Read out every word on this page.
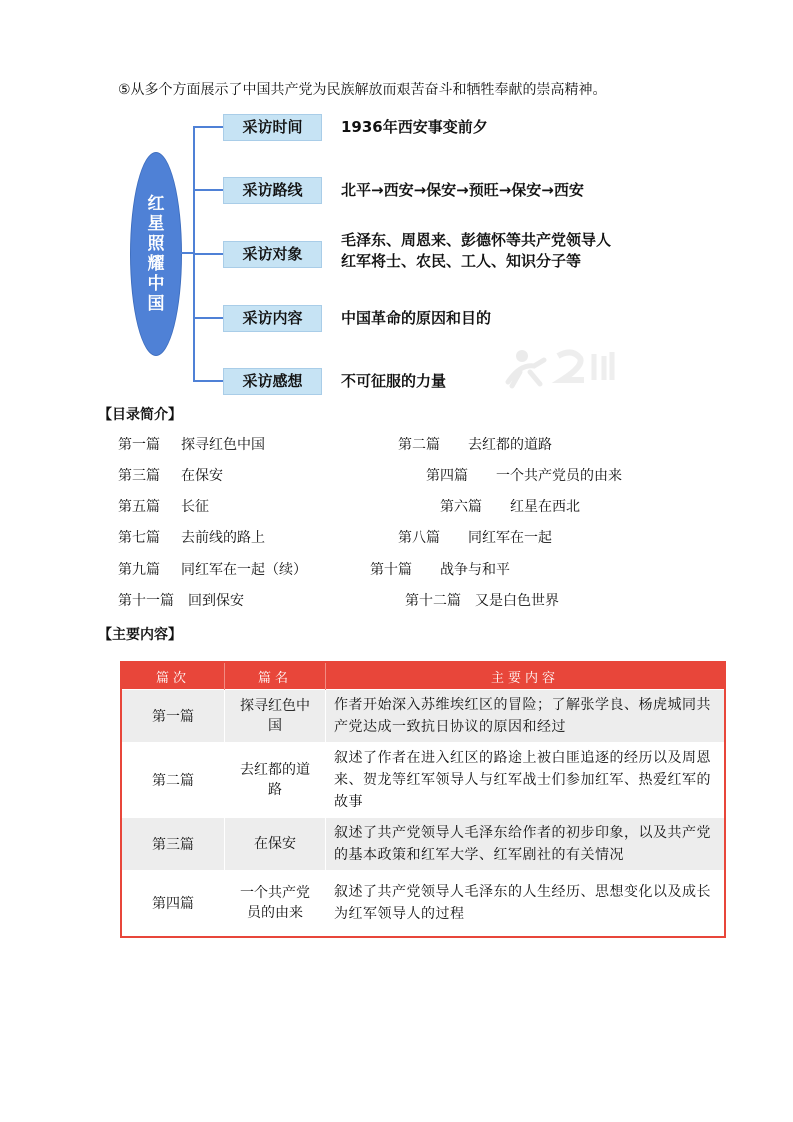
⑤从多个方面展示了中国共产党为民族解放而艰苦奋斗和牺牲奉献的崇高精神。
红星照耀中国
采访时间	1936年西安事变前夕
采访路线	北平→西安→保安→预旺→保安→西安
采访对象
毛泽东、周恩来、彭德怀等共产党领导人
红军将士、农民、工人、知识分子等
采访内容	中国革命的原因和目的
采访感想	不可征服的力量
【目录简介】
第一篇 探寻红色中国	第二篇 去红都的道路
第三篇 在保安	第四篇 一个共产党员的由来
第五篇 长征	第六篇 红星在西北
第七篇 去前线的路上	第八篇 同红军在一起
第九篇 同红军在一起（续）	第十篇 战争与和平
第十一篇 回到保安	第十二篇 又是白色世界
【主要内容】
篇次	篇名	主要内容
第一篇	探寻红色中国	作者开始深入苏维埃红区的冒险；了解张学良、杨虎城同共产党达成一致抗日协议的原因和经过
第二篇	去红都的道路	叙述了作者在进入红区的路途上被白匪追逐的经历以及周恩来、贺龙等红军领导人与红军战士们参加红军、热爱红军的故事
第三篇	在保安	叙述了共产党领导人毛泽东给作者的初步印象，以及共产党的基本政策和红军大学、红军剧社的有关情况
第四篇	一个共产党员的由来	叙述了共产党领导人毛泽东的人生经历、思想变化以及成长为红军领导人的过程
